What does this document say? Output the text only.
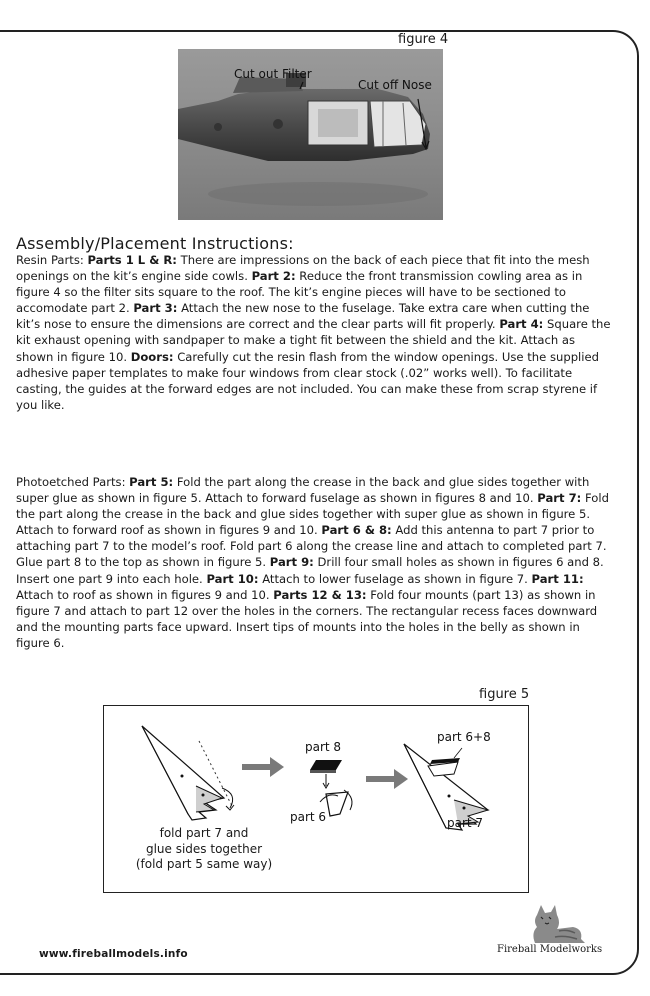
figure 4
Cut out Filter
Cut off Nose
Assembly/Placement Instructions:

Resin Parts: Parts 1 L & R: There are impressions on the back of each piece that fit into the mesh openings on the kit’s engine side cowls. Part 2: Reduce the front transmission cowling area as in figure 4 so the filter sits square to the roof. The kit’s engine pieces will have to be sectioned to accomodate part 2. Part 3: Attach the new nose to the fuselage. Take extra care when cutting the kit’s nose to ensure the dimensions are correct and the clear parts will fit properly. Part 4: Square the kit exhaust opening with sandpaper to make a tight fit between the shield and the kit. Attach as shown in figure 10. Doors: Carefully cut the resin flash from the window openings. Use the supplied adhesive paper templates to make four windows from clear stock (.02” works well). To facilitate casting, the guides at the forward edges are not included. You can make these from scrap styrene if you like.

Photoetched Parts: Part 5: Fold the part along the crease in the back and glue sides together with super glue as shown in figure 5. Attach to forward fuselage as shown in figures 8 and 10. Part 7: Fold the part along the crease in the back and glue sides together with super glue as shown in figure 5. Attach to forward roof as shown in figures 9 and 10. Part 6 & 8: Add this antenna to part 7 prior to attaching part 7 to the model’s roof. Fold part 6 along the crease line and attach to completed part 7. Glue part 8 to the top as shown in figure 5. Part 9: Drill four small holes as shown in figures 6 and 8. Insert one part 9 into each hole. Part 10: Attach to lower fuselage as shown in figure 7. Part 11: Attach to roof as shown in figures 9 and 10. Parts 12 & 13: Fold four mounts (part 13) as shown in figure 7 and attach to part 12 over the holes in the corners. The rectangular recess faces downward and the mounting parts face upward. Insert tips of mounts into the holes in the belly as shown in figure 6.

figure 5
part 8
part 6
part 6+8
part 7
fold part 7 and
glue sides together
(fold part 5 same way)
www.fireballmodels.info	Fireball Modelworks
